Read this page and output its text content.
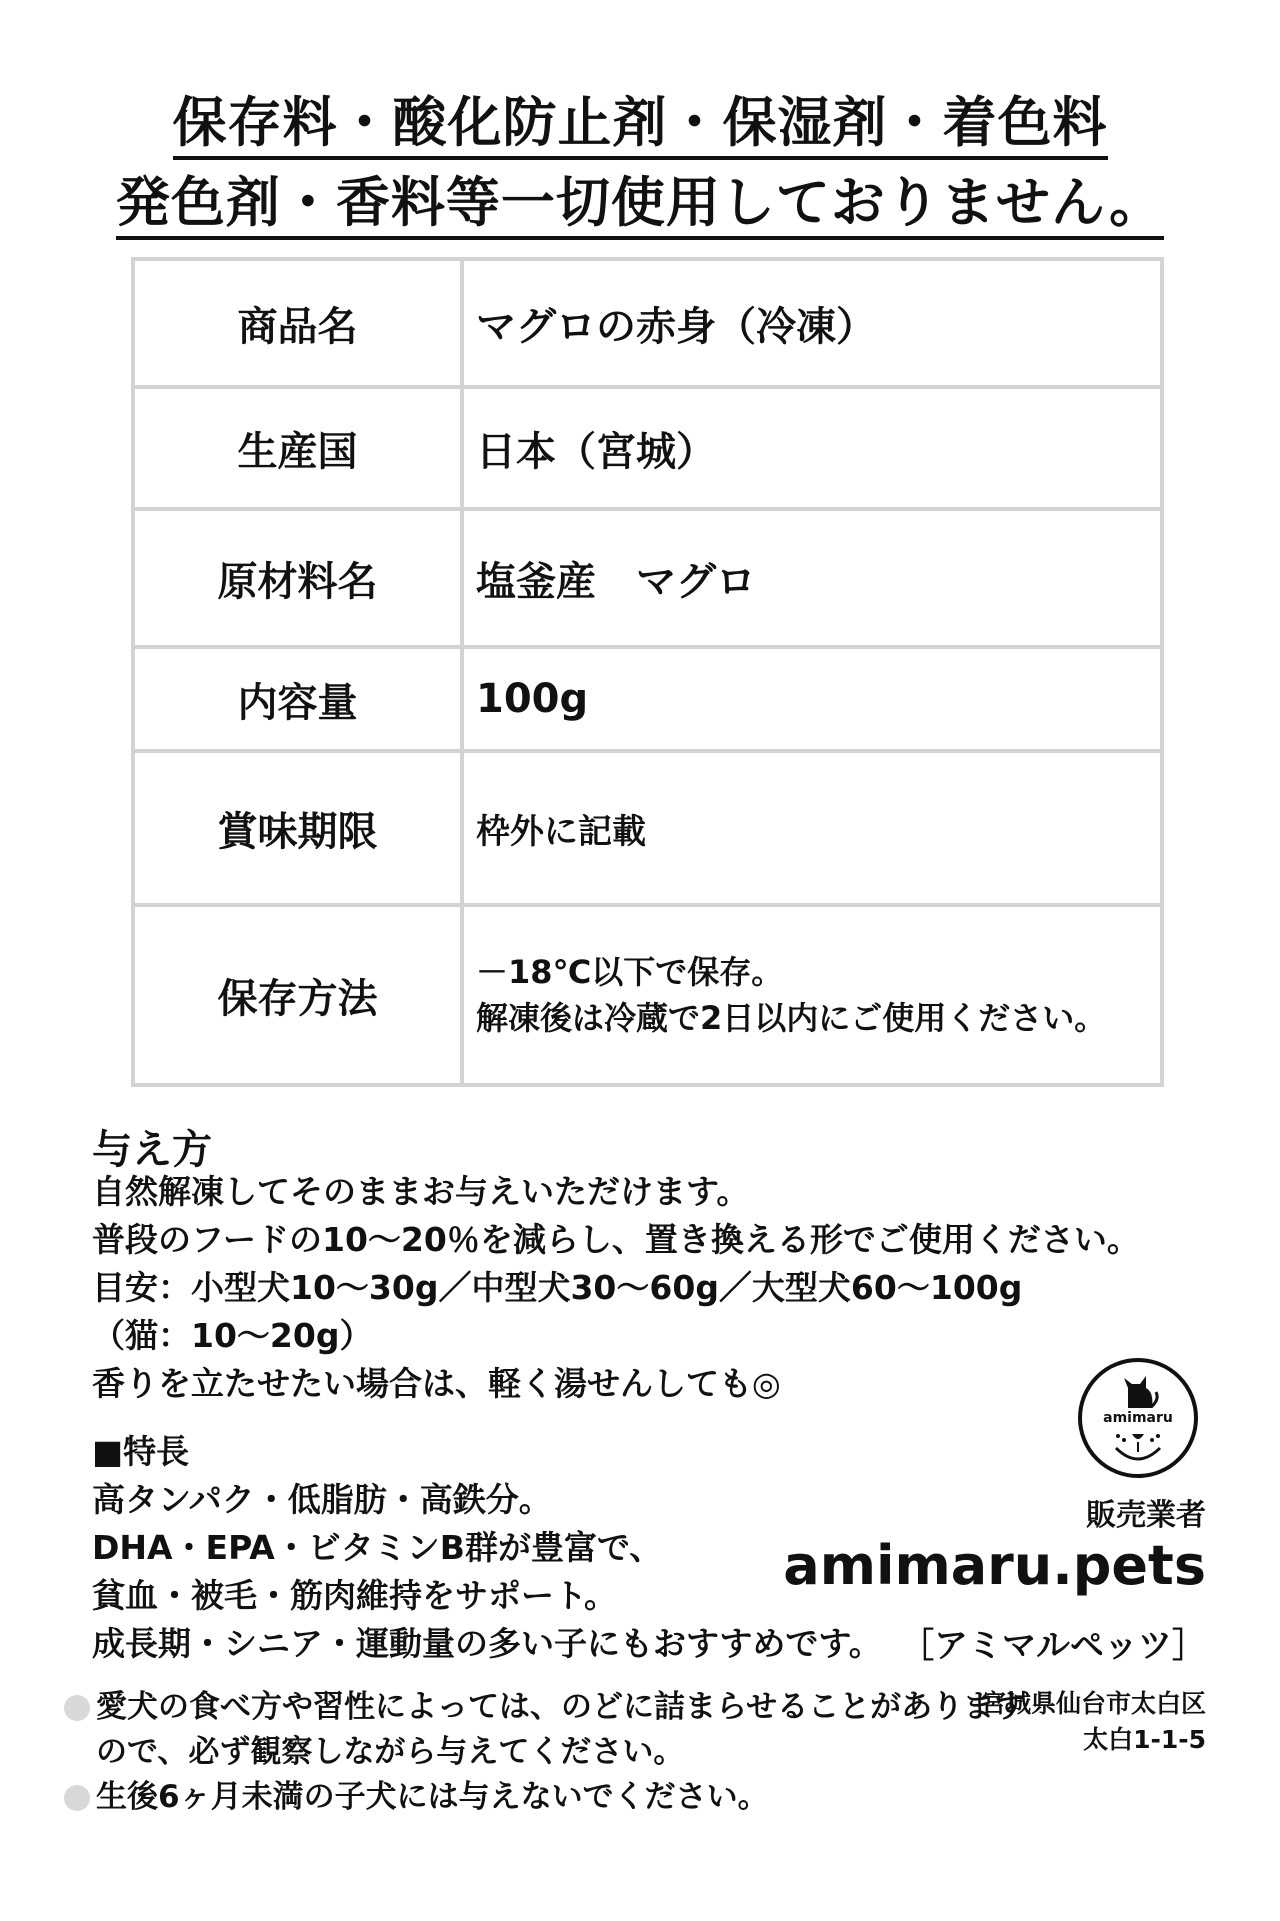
保存料・酸化防止剤・保湿剤・着色料
発色剤・香料等一切使用しておりません。
商品名	マグロの赤身（冷凍）

生産国	日本（宮城）

原材料名	塩釜産　マグロ

内容量	100g

賞味期限	枠外に記載

保存方法	－18℃以下で保存。
解凍後は冷蔵で2日以内にご使用ください。
与え方
自然解凍してそのままお与えいただけます。
普段のフードの10～20％を減らし、置き換える形でご使用ください。
目安：小型犬10～30g／中型犬30～60g／大型犬60～100g
（猫：10～20g）
香りを立たせたい場合は、軽く湯せんしても◎
■特長
高タンパク・低脂肪・高鉄分。
DHA・EPA・ビタミンB群が豊富で、
貧血・被毛・筋肉維持をサポート。
成長期・シニア・運動量の多い子にもおすすめです。
愛犬の食べ方や習性によっては、のどに詰まらせることがあります
ので、必ず観察しながら与えてください。
生後6ヶ月未満の子犬には与えないでください。
amimaru
販売業者
amimaru.pets
［アミマルペッツ］
宮城県仙台市太白区
太白1-1-5
